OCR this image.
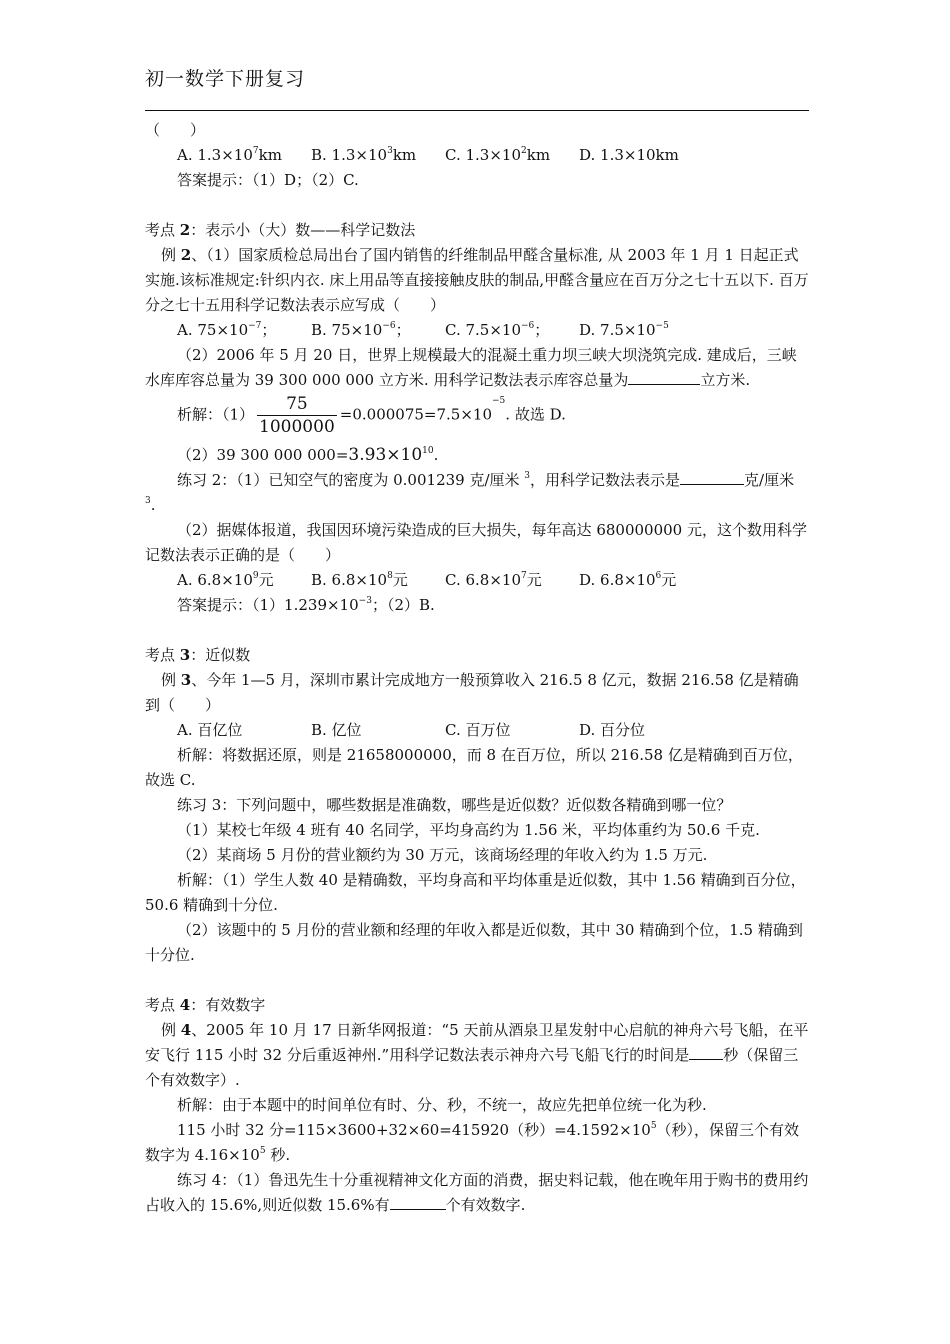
初一数学下册复习

（　　）

A. $1.3\times 10^7km$ B. $1.3\times 10^3km$ C. $1.3\times 10^2km$ D. 1.3×10km

答案提示：（1）D；（2）C.

考点 2：表示小（大）数——科学记数法

例 2、（1）国家质检总局出台了国内销售的纤维制品甲醛含量标准, 从 2003 年 1 月 1 日起正式实施.该标准规定:针织内衣. 床上用品等直接接触皮肤的制品,甲醛含量应在百万分之七十五以下. 百万分之七十五用科学记数法表示应写成（　　）

A. $75\times 10^{-7}$； B. $75\times 10^{-6}$； C. $7.5\times 10^{-6}$； D. $7.5\times 10^{-5}$

（2）2006 年 5 月 20 日，世界上规模最大的混凝土重力坝三峡大坝浇筑完成. 建成后，三峡水库库容总量为 39 300 000 000 立方米. 用科学记数法表示库容总量为	立方米.

析解：$(1) \frac{75}{1000000} =0.000075=7.5\times 10^{-5}$. 故选 D.

（2）39 300 000 $000=3.93\times 10^{10}$.

练习 2：（1）已知空气的密度为 0.001239 克/厘米 $^3$，用科学记数法表示是	克/厘米 $^3$.

（2）据媒体报道，我国因环境污染造成的巨大损失，每年高达 680000000 元，这个数用科学记数法表示正确的是（　　）

A. $6.8\times 10^9$元 B. $6.8\times 10^8$元 C. $6.8\times 10^7$元 D. $6.8\times 10^6$元

答案提示：$(1)1.239\times 10^{-3}$；（2）B.

考点 3：近似数

例 3、今年 1—5 月，深圳市累计完成地方一般预算收入 216.5 8 亿元，数据 216.58 亿是精确到（　　）

A. 百亿位	B. 亿位	C. 百万位	D. 百分位

析解：将数据还原，则是 21658000000，而 8 在百万位，所以 216.58 亿是精确到百万位，故选 C.

练习 3：下列问题中，哪些数据是准确数，哪些是近似数？近似数各精确到哪一位？

（1）某校七年级 4 班有 40 名同学，平均身高约为 1.56 米，平均体重约为 50.6 千克.

（2）某商场 5 月份的营业额约为 30 万元，该商场经理的年收入约为 1.5 万元.

析解：（1）学生人数 40 是精确数，平均身高和平均体重是近似数，其中 1.56 精确到百分位，50.6 精确到十分位.

（2）该题中的 5 月份的营业额和经理的年收入都是近似数，其中 30 精确到个位，1.5 精确到十分位.

考点 4：有效数字

例 4、2005 年 10 月 17 日新华网报道：“5 天前从酒泉卫星发射中心启航的神舟六号飞船，在平安飞行 115 小时 32 分后重返神州.”用科学记数法表示神舟六号飞船飞行的时间是 秒（保留三个有效数字）.

析解：由于本题中的时间单位有时、分、秒，不统一，故应先把单位统一化为秒.

115 小时 32 分=115×3600+32×60=415920（秒）$=4.1592\times 10^5$（秒），保留三个有效数字为 $4.16\times 10^5$ 秒.

练习 4：（1）鲁迅先生十分重视精神文化方面的消费，据史料记载，他在晚年用于购书的费用约占收入的 15.6%,则近似数 15.6%有	个有效数字.
